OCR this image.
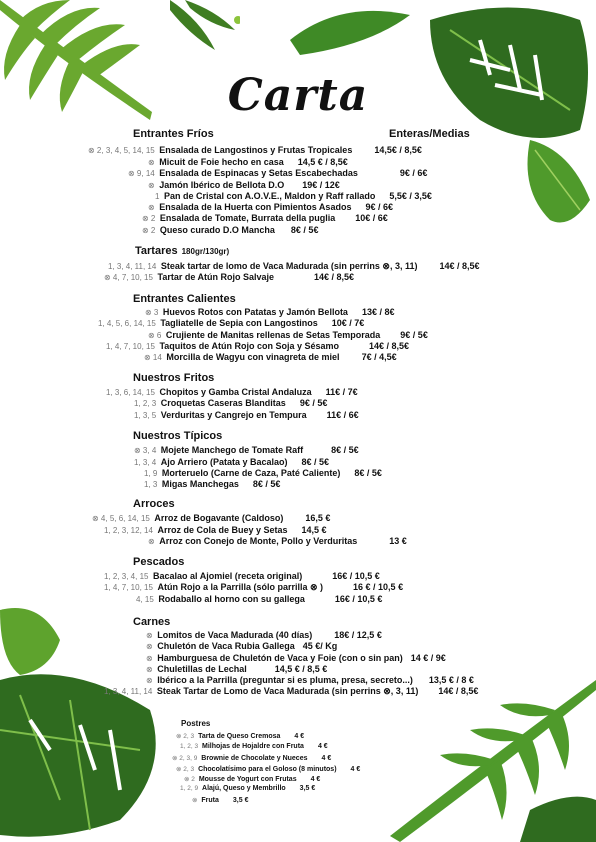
Carta
Entrantes Fríos	Enteras/Medias
⊗ 2, 3, 4, 5, 14, 15 Ensalada de Langostinos y Frutas Tropicales 14,5€ / 8,5€
⊗ Micuit de Foie hecho en casa 14,5 € / 8,5€
⊗ 9, 14 Ensalada de Espinacas y Setas Escabechadas	9€ / 6€
⊗ Jamón Ibérico de Bellota D.O 19€ / 12€
1 Pan de Cristal con A.O.V.E., Maldon y Raff rallado 5,5€ / 3,5€
⊗ Ensalada de la Huerta con Pimientos Asados 9€ / 6€
⊗ 2 Ensalada de Tomate, Burrata della puglia 10€ / 6€
⊗ 2 Queso curado D.O Mancha 8€ / 5€
Tartares 180gr/130gr)
1, 3, 4, 11, 14 Steak tartar de lomo de Vaca Madurada (sin perrins ⊗, 3, 11) 14€ / 8,5€
⊗ 4, 7, 10, 15 Tartar de Atún Rojo Salvaje	14€ / 8,5€
Entrantes Calientes
⊗ 3 Huevos Rotos con Patatas y Jamón Bellota 13€ / 8€
1, 4, 5, 6, 14, 15 Tagliatelle de Sepia con Langostinos 10€ / 7€
⊗ 6 Crujiente de Manitas rellenas de Setas Temporada 9€ / 5€
1, 4, 7, 10, 15 Taquitos de Atún Rojo con Soja y Sésamo	14€ / 8,5€
⊗ 14 Morcilla de Wagyu con vinagreta de miel 7€ / 4,5€
Nuestros Fritos
1, 3, 6, 14, 15 Chopitos y Gamba Cristal Andaluza 11€ / 7€
1, 2, 3 Croquetas Caseras Blanditas 9€ / 5€
1, 3, 5 Verduritas y Cangrejo en Tempura 11€ / 6€
Nuestros Típicos
⊗ 3, 4 Mojete Manchego de Tomate Raff	8€ / 5€
1, 3, 4 Ajo Arriero (Patata y Bacalao) 8€ / 5€
1, 9 Morteruelo (Carne de Caza, Paté Caliente) 8€ / 5€
1, 3 Migas Manchegas 8€ / 5€
Arroces
⊗ 4, 5, 6, 14, 15 Arroz de Bogavante (Caldoso) 16,5 €
1, 2, 3, 12, 14 Arroz de Cola de Buey y Setas 14,5 €
⊗ Arroz con Conejo de Monte, Pollo y Verduritas	13 €
Pescados
1, 2, 3, 4, 15 Bacalao al Ajomiel (receta original)	16€ / 10,5 €
1, 4, 7, 10, 15 Atún Rojo a la Parrilla (sólo parrilla ⊗ )	16 € / 10,5 €
4, 15 Rodaballo al horno con su gallega	16€ / 10,5 €
Carnes
⊗ Lomitos de Vaca Madurada (40 días) 18€ / 12,5 €
⊗ Chuletón de Vaca Rubia Gallega 45 €/ Kg
⊗ Hamburguesa de Chuletón de Vaca y Foie (con o sin pan) 14 € / 9€
⊗ Chuletillas de Lechal	14,5 € / 8,5 €
⊗ Ibérico a la Parrilla (preguntar si es pluma, presa, secreto...) 13,5 € / 8 €
1, 3, 4, 11, 14 Steak Tartar de Lomo de Vaca Madurada (sin perrins ⊗, 3, 11) 14€ / 8,5€
Postres
⊗ 2, 3 Tarta de Queso Cremosa 4 €
1, 2, 3 Milhojas de Hojaldre con Fruta 4 €
⊗ 2, 3, 9 Brownie de Chocolate y Nueces 4 €
⊗ 2, 3 Chocolatísimo para el Goloso (8 minutos) 4 €
⊗ 2 Mousse de Yogurt con Frutas 4 €
1, 2, 9 Alajú, Queso y Membrillo 3,5 €
⊗ Fruta 3,5 €
